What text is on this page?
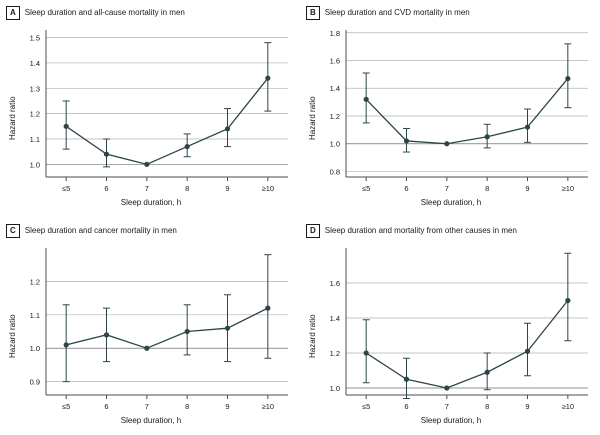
A	Sleep duration and all-cause mortality in men
Hazard ratio
Sleep duration, h
1.0
1.1
1.2
1.3
1.4
1.5
≤5	6	7	8	9	≥10
B	Sleep duration and CVD mortality in men
Hazard ratio
Sleep duration, h
0.8
1.0
1.2
1.4
1.6
1.8
≤5	6	7	8	9	≥10
C	Sleep duration and cancer mortality in men
Hazard ratio
Sleep duration, h
0.9
1.0
1.1
1.2
≤5	6	7	8	9	≥10
D	Sleep duration and mortality from other causes in men
Hazard ratio
Sleep duration, h
1.0
1.2
1.4
1.6
≤5	6	7	8	9	≥10
